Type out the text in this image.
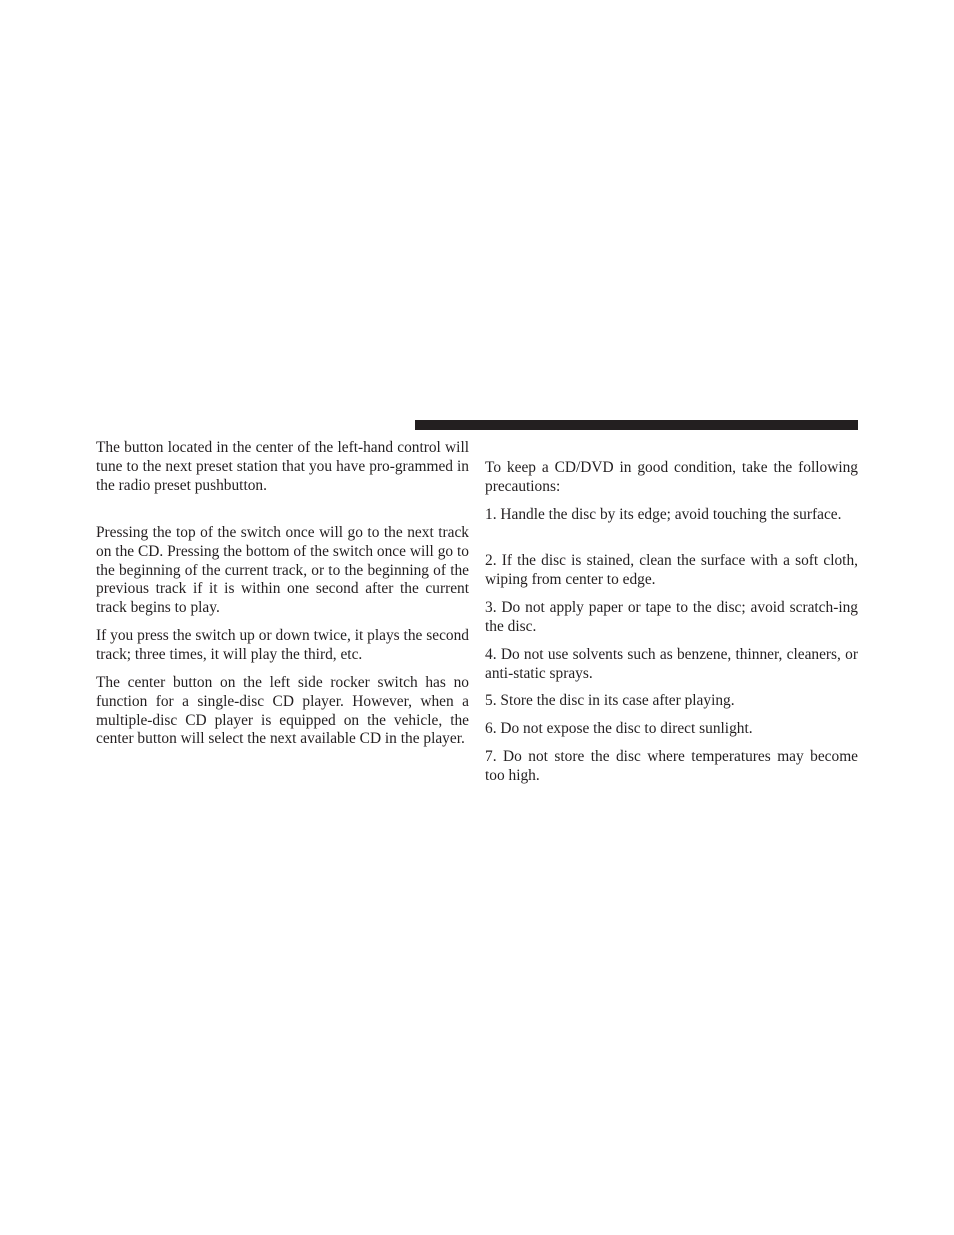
The button located in the center of the left-hand control will tune to the next preset station that you have pro-grammed in the radio preset pushbutton.

Pressing the top of the switch once will go to the next track on the CD. Pressing the bottom of the switch once will go to the beginning of the current track, or to the beginning of the previous track if it is within one second after the current track begins to play.

If you press the switch up or down twice, it plays the second track; three times, it will play the third, etc.

The center button on the left side rocker switch has no function for a single-disc CD player. However, when a multiple-disc CD player is equipped on the vehicle, the center button will select the next available CD in the player.

To keep a CD/DVD in good condition, take the following precautions:

1. Handle the disc by its edge; avoid touching the surface.

2. If the disc is stained, clean the surface with a soft cloth, wiping from center to edge.

3. Do not apply paper or tape to the disc; avoid scratch-ing the disc.

4. Do not use solvents such as benzene, thinner, cleaners, or anti-static sprays.

5. Store the disc in its case after playing.

6. Do not expose the disc to direct sunlight.

7. Do not store the disc where temperatures may become too high.
